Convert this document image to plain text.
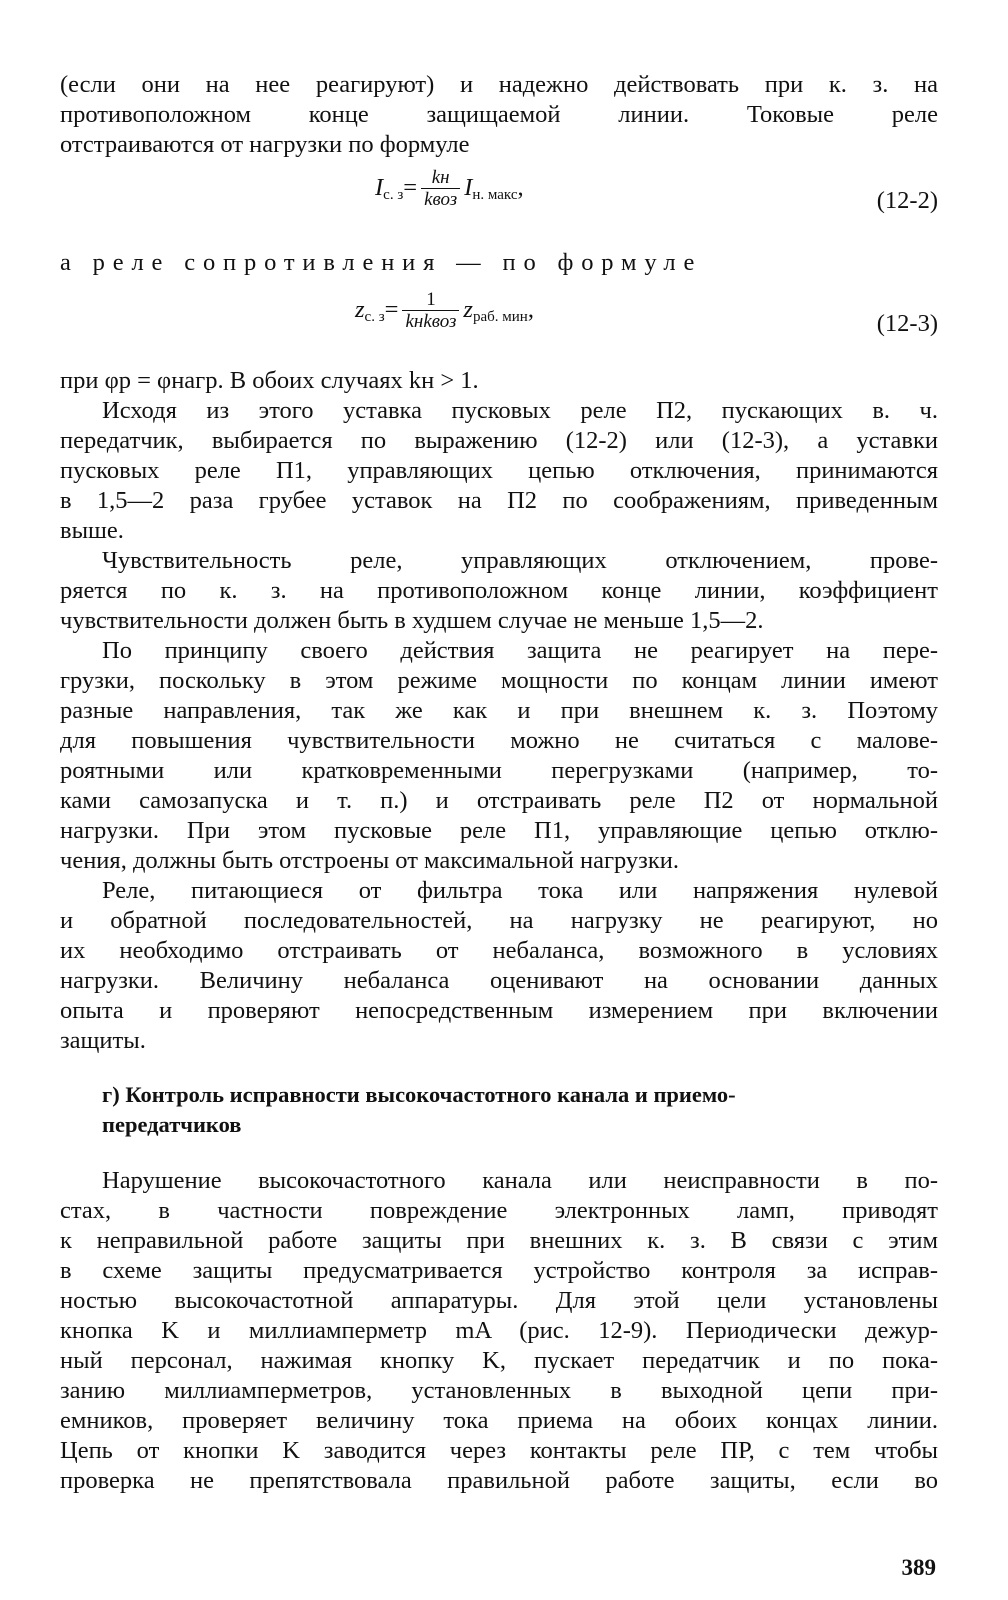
(если они на нее реагируют) и надежно действовать при к. з. на
противоположном конце защищаемой линии. Токовые реле
отстраиваются от нагрузки по формуле
$I_{с. з}= \frac{kн}{\text{kвоз}} I_{н. макс}$,	(12-2)
а реле сопротивления — по формуле
$z_{с. з}= \frac{1}{\text{kнkвоз}} z_{раб. мин}$,
(12-3)
при φр = φнагр. В обоих случаях kн > 1.
Исходя из этого уставка пусковых реле П2, пускающих в. ч.
передатчик, выбирается по выражению (12-2) или (12-3), а уставки
пусковых реле П1, управляющих цепью отключения, принимаются
в 1,5—2 раза грубее уставок на П2 по соображениям, приведенным
выше.
Чувствительность реле, управляющих отключением, прове-
ряется по к. з. на противоположном конце линии, коэффициент
чувствительности должен быть в худшем случае не меньше 1,5—2.
По принципу своего действия защита не реагирует на пере-
грузки, поскольку в этом режиме мощности по концам линии имеют
разные направления, так же как и при внешнем к. з. Поэтому
для повышения чувствительности можно не считаться с малове-
роятными или кратковременными перегрузками (например, то-
ками самозапуска и т. п.) и отстраивать реле П2 от нормальной
нагрузки. При этом пусковые реле П1, управляющие цепью отклю-
чения, должны быть отстроены от максимальной нагрузки.
Реле, питающиеся от фильтра тока или напряжения нулевой
и обратной последовательностей, на нагрузку не реагируют, но
их необходимо отстраивать от небаланса, возможного в условиях
нагрузки. Величину небаланса оценивают на основании данных
опыта и проверяют непосредственным измерением при включении
защиты.
г) Контроль исправности высокочастотного канала и приемо-
передатчиков
Нарушение высокочастотного канала или неисправности в по-
стах, в частности повреждение электронных ламп, приводят
к неправильной работе защиты при внешних к. з. В связи с этим
в схеме защиты предусматривается устройство контроля за исправ-
ностью высокочастотной аппаратуры. Для этой цели установлены
кнопка K и миллиамперметр mA (рис. 12-9). Периодически дежур-
ный персонал, нажимая кнопку K, пускает передатчик и по пока-
занию миллиамперметров, установленных в выходной цепи при-
емников, проверяет величину тока приема на обоих концах линии.
Цепь от кнопки K заводится через контакты реле ПР, с тем чтобы
проверка не препятствовала правильной работе защиты, если во
389
